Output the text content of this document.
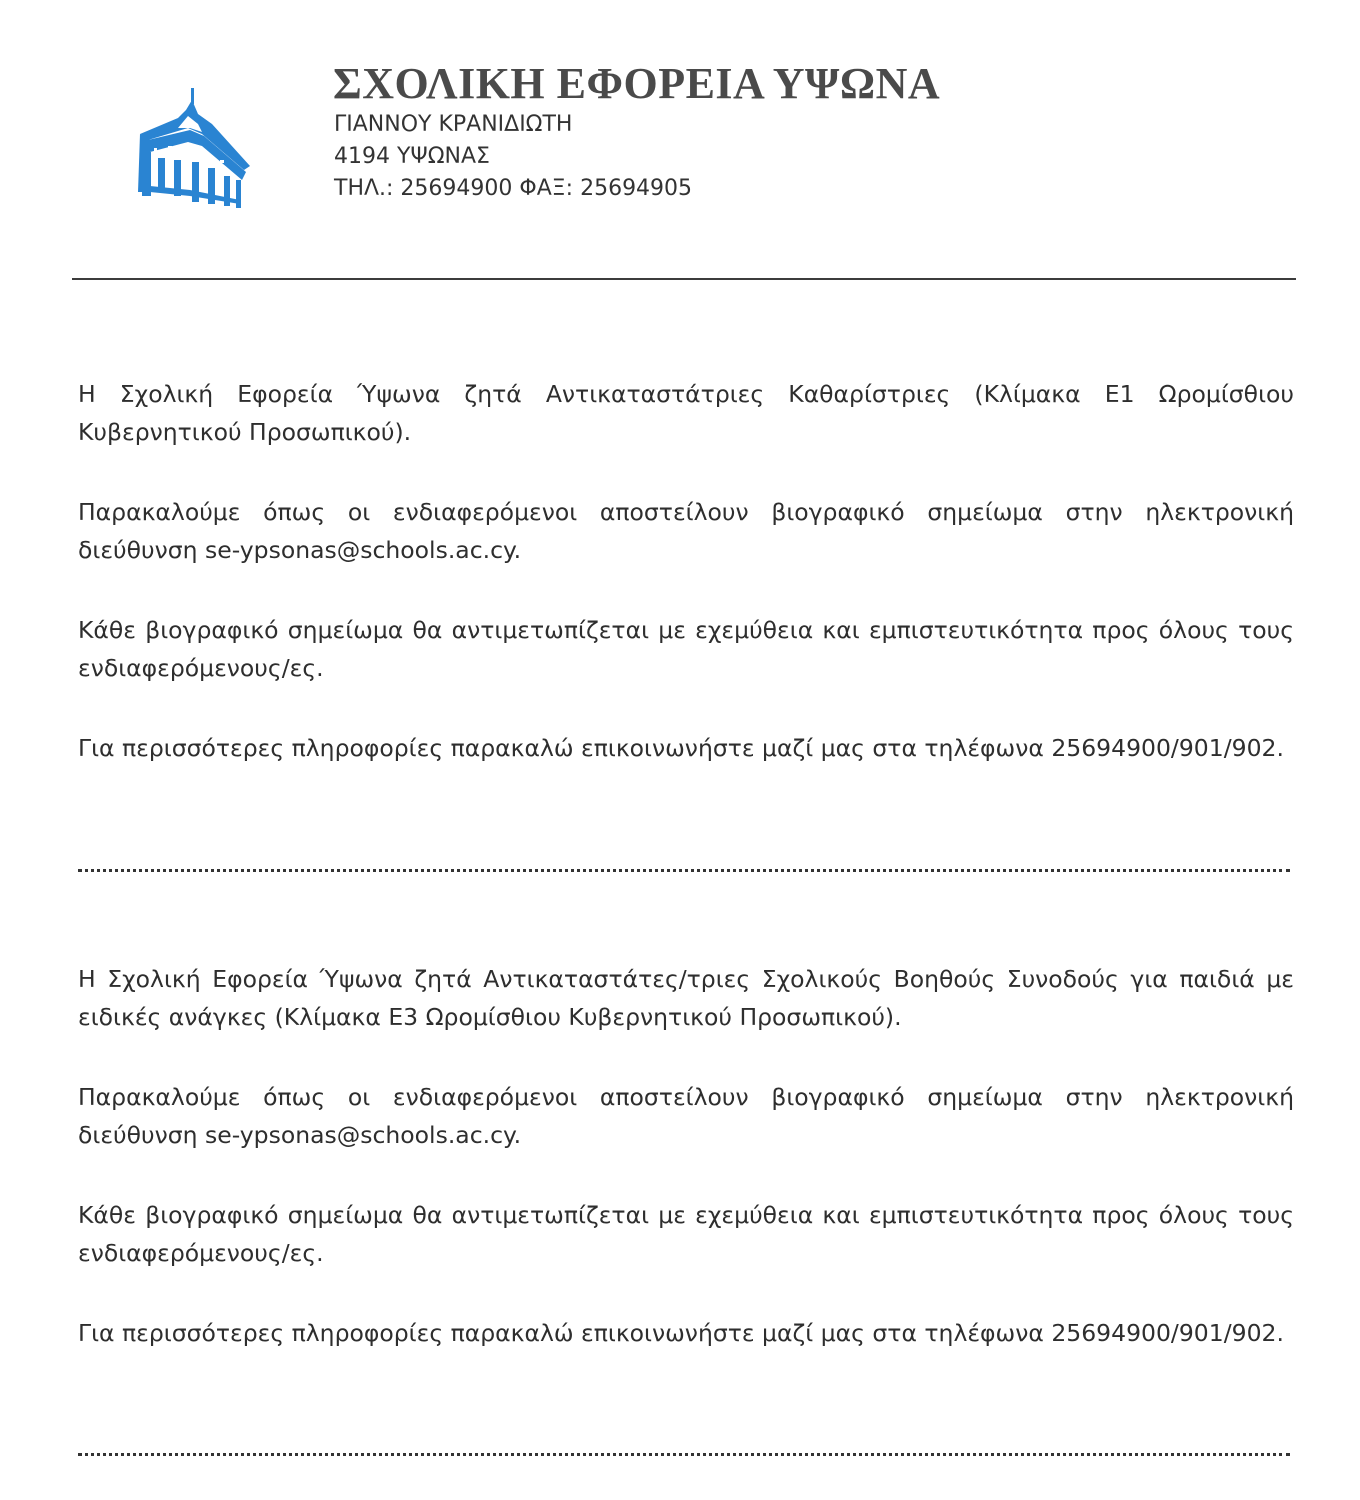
ΣΧΟΛΙΚΗ ΕΦΟΡΕΙΑ ΥΨΩΝΑ
ΓΙΑΝΝΟΥ ΚΡΑΝΙΔΙΩΤΗ
4194 ΥΨΩΝΑΣ
ΤΗΛ.: 25694900 ΦΑΞ: 25694905

Η Σχολική Εφορεία Ύψωνα ζητά Αντικαταστάτριες Καθαρίστριες (Κλίμακα Ε1 Ωρομίσθιου Κυβερνητικού Προσωπικού).

Παρακαλούμε όπως οι ενδιαφερόμενοι αποστείλουν βιογραφικό σημείωμα στην ηλεκτρονική διεύθυνση se-ypsonas@schools.ac.cy.

Κάθε βιογραφικό σημείωμα θα αντιμετωπίζεται με εχεμύθεια και εμπιστευτικότητα προς όλους τους ενδιαφερόμενους/ες.

Για περισσότερες πληροφορίες παρακαλώ επικοινωνήστε μαζί μας στα τηλέφωνα 25694900/901/902.

Η Σχολική Εφορεία Ύψωνα ζητά Αντικαταστάτες/τριες Σχολικούς Βοηθούς Συνοδούς για παιδιά με ειδικές ανάγκες (Κλίμακα Ε3 Ωρομίσθιου Κυβερνητικού Προσωπικού).

Παρακαλούμε όπως οι ενδιαφερόμενοι αποστείλουν βιογραφικό σημείωμα στην ηλεκτρονική διεύθυνση se-ypsonas@schools.ac.cy.

Κάθε βιογραφικό σημείωμα θα αντιμετωπίζεται με εχεμύθεια και εμπιστευτικότητα προς όλους τους ενδιαφερόμενους/ες.

Για περισσότερες πληροφορίες παρακαλώ επικοινωνήστε μαζί μας στα τηλέφωνα 25694900/901/902.
